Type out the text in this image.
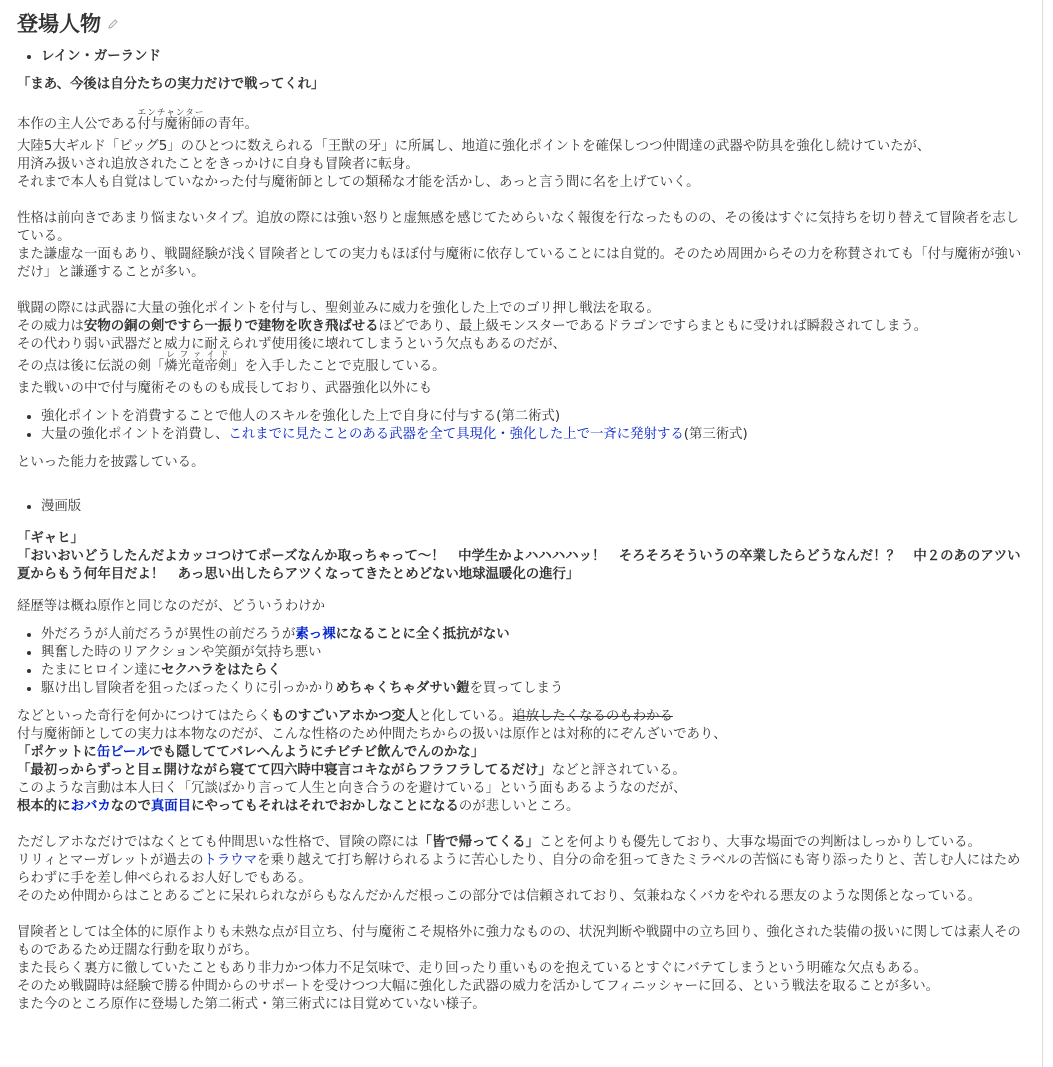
登場人物
• レイン・ガーランド

「まあ、今後は自分たちの実力だけで戦ってくれ」

本作の主人公である付与魔術師エンチャンターの青年。

大陸5大ギルド「ビッグ5」のひとつに数えられる「王獣の牙」に所属し、地道に強化ポイントを確保しつつ仲間達の武器や防具を強化し続けていたが、

用済み扱いされ追放されたことをきっかけに自身も冒険者に転身。

それまで本人も自覚はしていなかった付与魔術師としての類稀な才能を活かし、あっと言う間に名を上げていく。

性格は前向きであまり悩まないタイプ。追放の際には強い怒りと虚無感を感じてためらいなく報復を行なったものの、その後はすぐに気持ちを切り替えて冒険者を志している。

また謙虚な一面もあり、戦闘経験が浅く冒険者としての実力もほぼ付与魔術に依存していることには自覚的。そのため周囲からその力を称賛されても「付与魔術が強いだけ」と謙遜することが多い。

戦闘の際には武器に大量の強化ポイントを付与し、聖剣並みに威力を強化した上でのゴリ押し戦法を取る。

その威力は安物の銅の剣ですら一振りで建物を吹き飛ばせるほどであり、最上級モンスターであるドラゴンですらまともに受ければ瞬殺されてしまう。

その代わり弱い武器だと威力に耐えられず使用後に壊れてしまうという欠点もあるのだが、

その点は後に伝説の剣「燐光竜帝剣レファイド」を入手したことで克服している。

また戦いの中で付与魔術そのものも成長しており、武器強化以外にも

• 強化ポイントを消費することで他人のスキルを強化した上で自身に付与する(第二術式)
• 大量の強化ポイントを消費し、これまでに見たことのある武器を全て具現化・強化した上で一斉に発射する(第三術式)

といった能力を披露している。

• 漫画版

「ギャヒ」

「おいおいどうしたんだよカッコつけてポーズなんか取っちゃって〜！　中学生かよハハハハッ！　そろそろそういうの卒業したらどうなんだ！？　中２のあのアツい夏からもう何年目だよ！　あっ思い出したらアツくなってきたとめどない地球温暖化の進行」

経歴等は概ね原作と同じなのだが、どういうわけか

• 外だろうが人前だろうが異性の前だろうが素っ裸になることに全く抵抗がない
• 興奮した時のリアクションや笑顔が気持ち悪い
• たまにヒロイン達にセクハラをはたらく
• 駆け出し冒険者を狙ったぼったくりに引っかかりめちゃくちゃダサい鎧を買ってしまう

などといった奇行を何かにつけてはたらくものすごいアホかつ変人と化している。追放したくなるのもわかる

付与魔術師としての実力は本物なのだが、こんな性格のため仲間たちからの扱いは原作とは対称的にぞんざいであり、

「ポケットに缶ビールでも隠しててバレへんようにチビチビ飲んでんのかな」

「最初っからずっと目ェ開けながら寝てて四六時中寝言コキながらフラフラしてるだけ」などと評されている。

このような言動は本人曰く「冗談ばかり言って人生と向き合うのを避けている」という面もあるようなのだが、

根本的におバカなので真面目にやってもそれはそれでおかしなことになるのが悲しいところ。

ただしアホなだけではなくとても仲間思いな性格で、冒険の際には「皆で帰ってくる」ことを何よりも優先しており、大事な場面での判断はしっかりしている。

リリィとマーガレットが過去のトラウマを乗り越えて打ち解けられるように苦心したり、自分の命を狙ってきたミラベルの苦悩にも寄り添ったりと、苦しむ人にはためらわずに手を差し伸べられるお人好しでもある。

そのため仲間からはことあるごとに呆れられながらもなんだかんだ根っこの部分では信頼されており、気兼ねなくバカをやれる悪友のような関係となっている。

冒険者としては全体的に原作よりも未熟な点が目立ち、付与魔術こそ規格外に強力なものの、状況判断や戦闘中の立ち回り、強化された装備の扱いに関しては素人そのものであるため迂闊な行動を取りがち。

また長らく裏方に徹していたこともあり非力かつ体力不足気味で、走り回ったり重いものを抱えているとすぐにバテてしまうという明確な欠点もある。

そのため戦闘時は経験で勝る仲間からのサポートを受けつつ大幅に強化した武器の威力を活かしてフィニッシャーに回る、という戦法を取ることが多い。

また今のところ原作に登場した第二術式・第三術式には目覚めていない様子。
